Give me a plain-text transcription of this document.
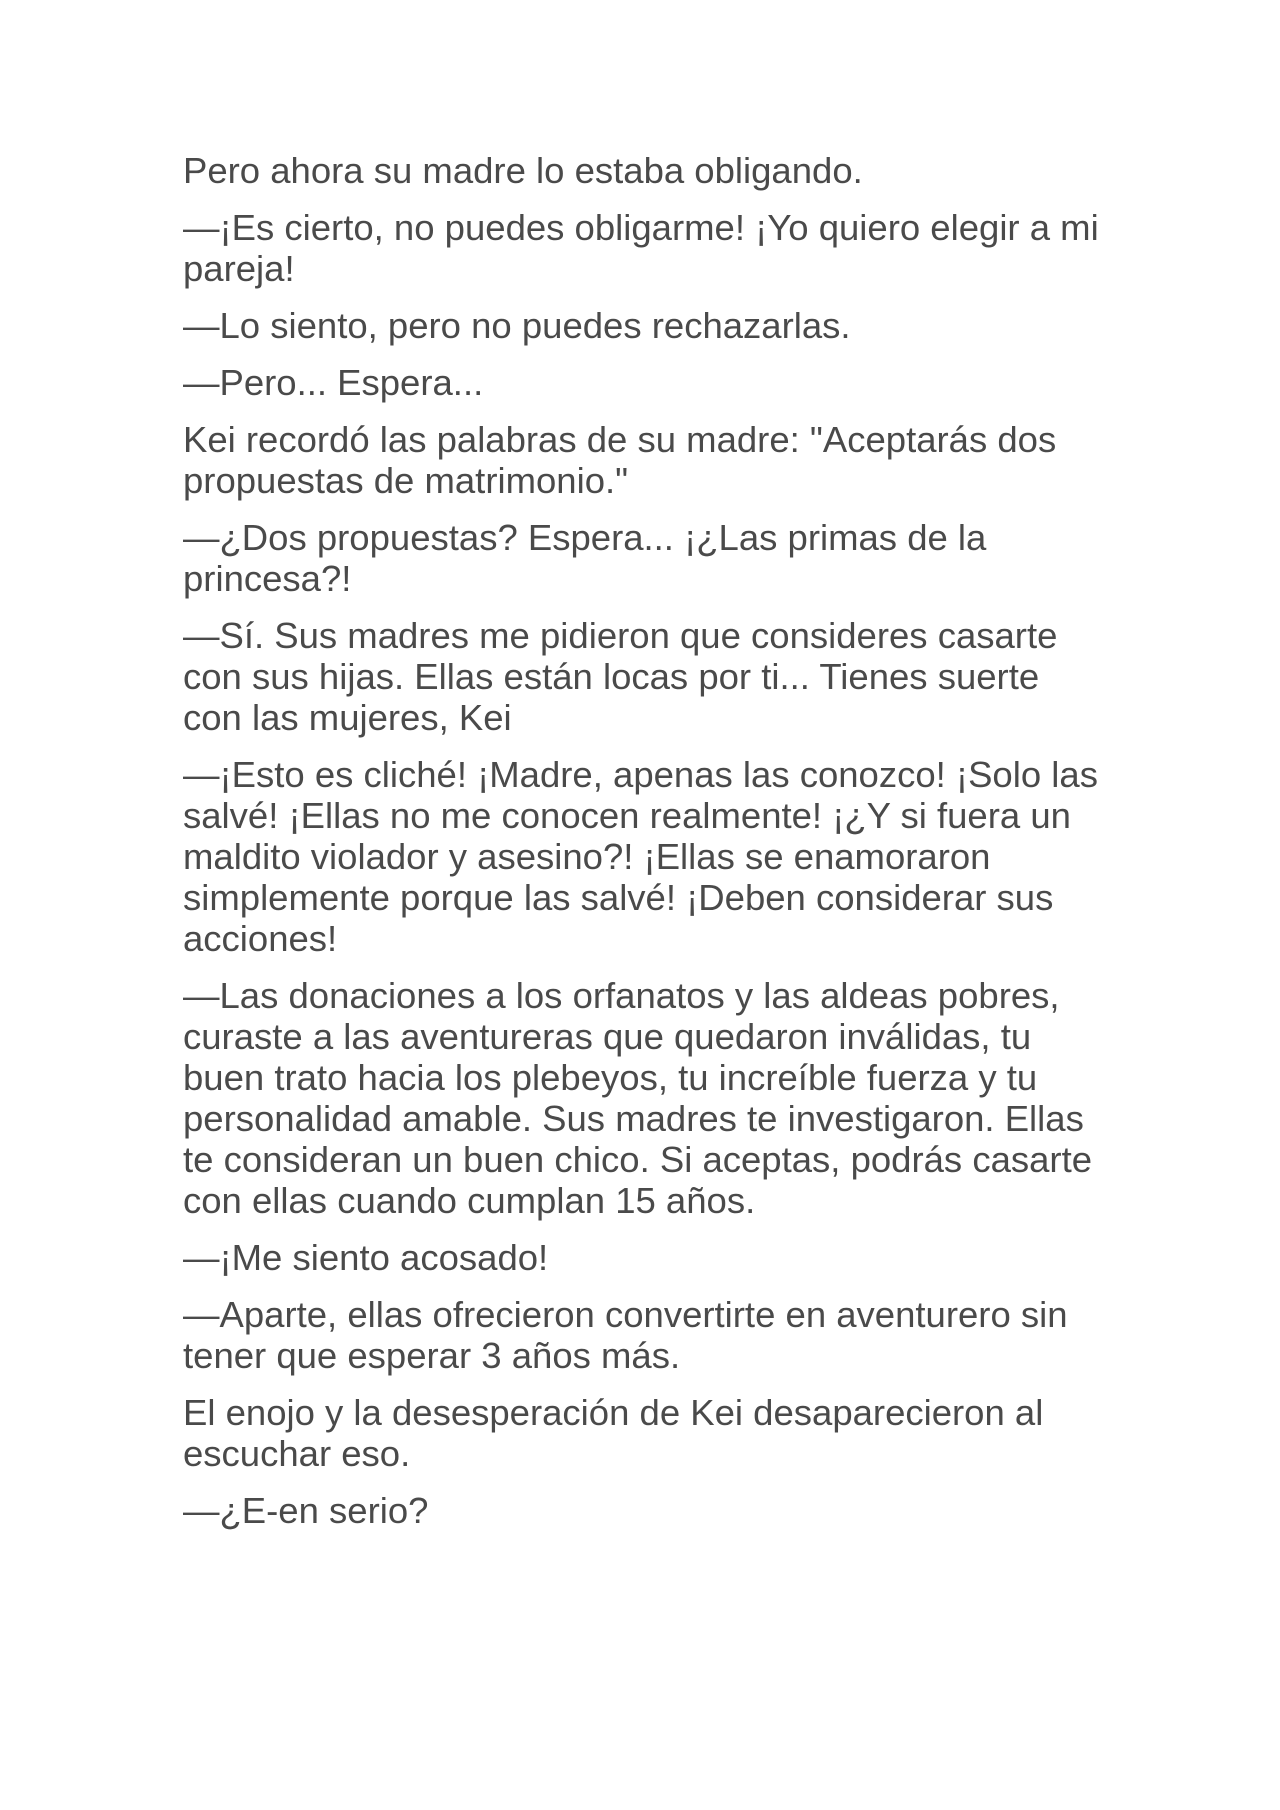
Pero ahora su madre lo estaba obligando.

—¡Es cierto, no puedes obligarme! ¡Yo quiero elegir a mi pareja!

—Lo siento, pero no puedes rechazarlas.

—Pero... Espera...

Kei recordó las palabras de su madre: "Aceptarás dos propuestas de matrimonio."

—¿Dos propuestas? Espera... ¡¿Las primas de la princesa?!

—Sí. Sus madres me pidieron que consideres casarte con sus hijas. Ellas están locas por ti... Tienes suerte con las mujeres, Kei

—¡Esto es cliché! ¡Madre, apenas las conozco! ¡Solo las salvé! ¡Ellas no me conocen realmente! ¡¿Y si fuera un maldito violador y asesino?! ¡Ellas se enamoraron simplemente porque las salvé! ¡Deben considerar sus acciones!

—Las donaciones a los orfanatos y las aldeas pobres, curaste a las aventureras que quedaron inválidas, tu buen trato hacia los plebeyos, tu increíble fuerza y tu personalidad amable. Sus madres te investigaron. Ellas te consideran un buen chico. Si aceptas, podrás casarte con ellas cuando cumplan 15 años.

—¡Me siento acosado!

—Aparte, ellas ofrecieron convertirte en aventurero sin tener que esperar 3 años más.

El enojo y la desesperación de Kei desaparecieron al escuchar eso.

—¿E-en serio?
